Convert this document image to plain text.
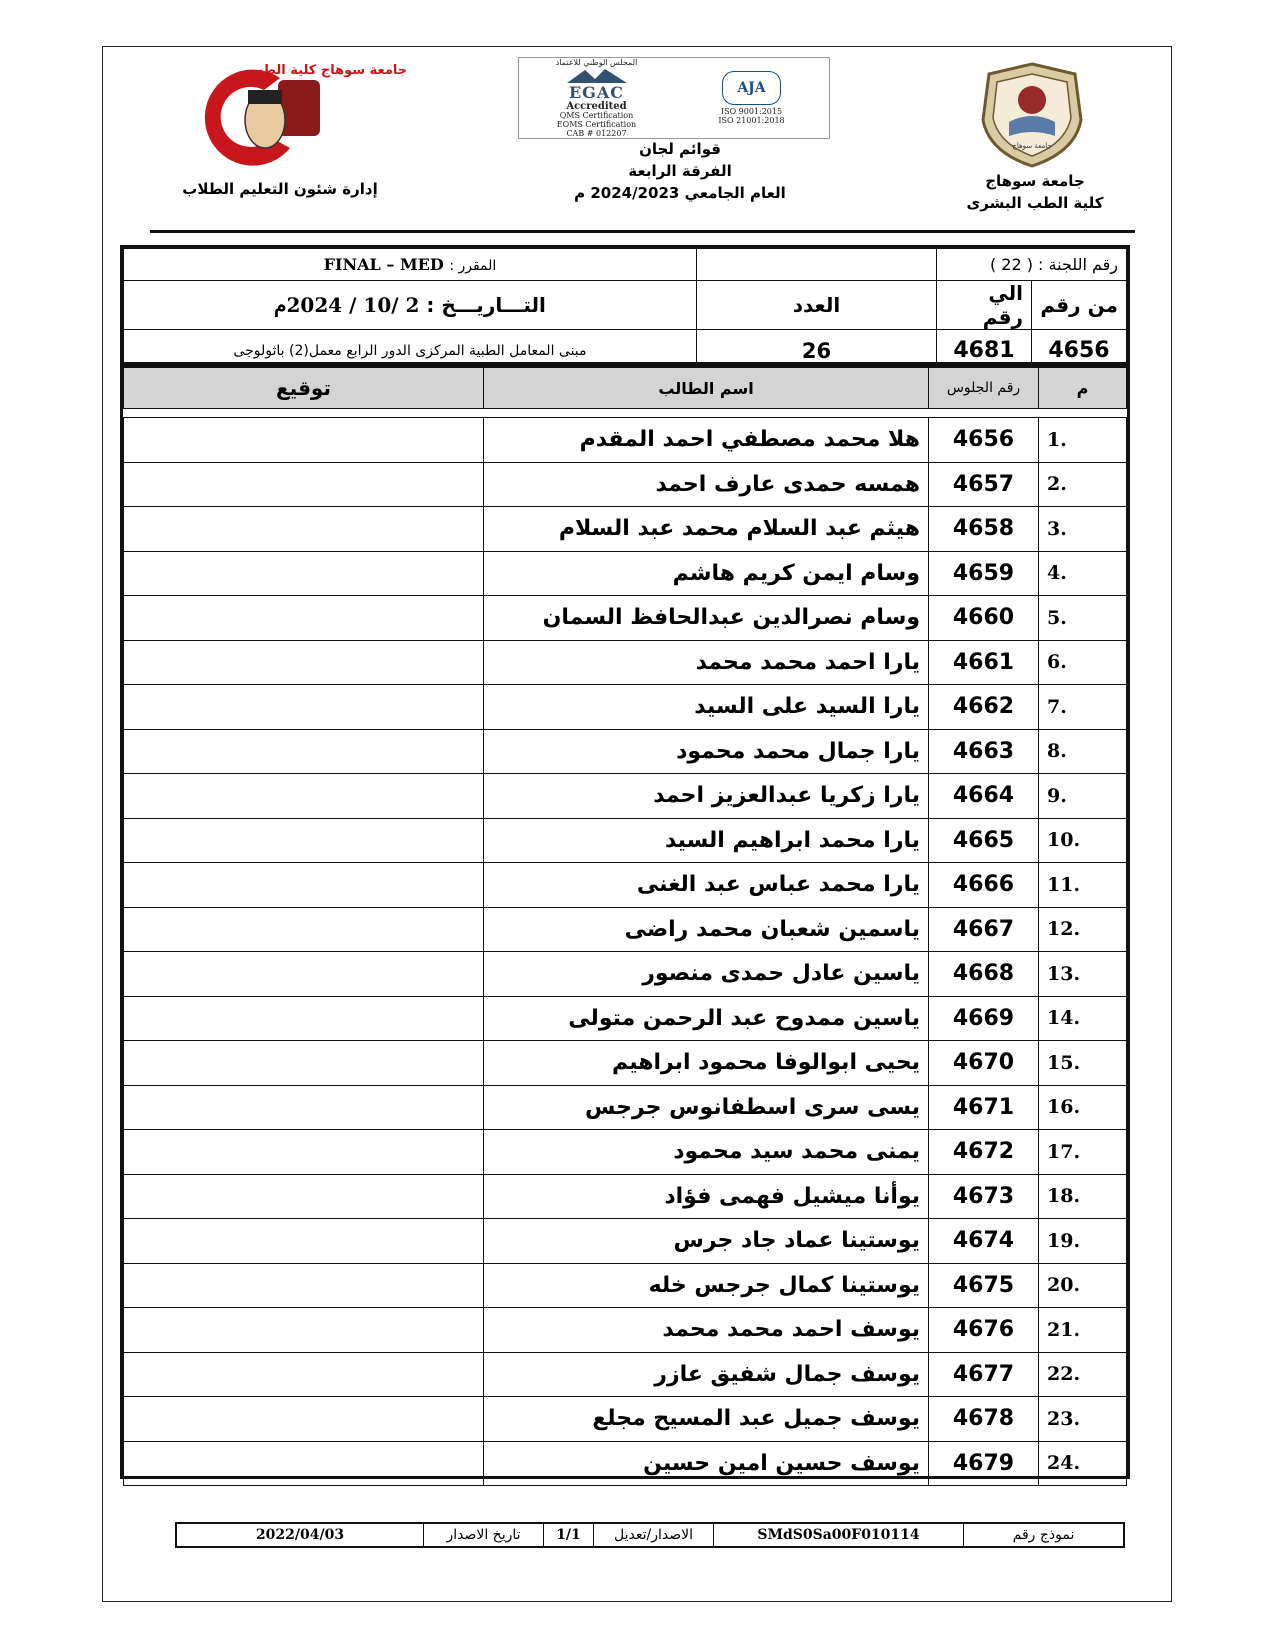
جامعة سوهاج كلية الطب
إدارة شئون التعليم الطلاب
المجلس الوطني للاعتماد
EGAC
Accredited
QMS Certification
EOMS Certification
CAB # 012207
AJA
ISO 9001:2015
ISO 21001:2018
قوائم لجان
الفرقة الرابعة
العام الجامعي 2024/2023 م
جامعة سوهاج
جامعة سوهاج
كلية الطب البشرى
رقم اللجنة : ( 22 )			المقرر : FINAL – MED
من رقم	الي رقم	العدد	التـــاريـــخ : 2 /10 / 2024م
4656	4681	26	مبنى المعامل الطبية المركزى الدور الرابع معمل(2) باثولوجى
م	رقم الجلوس	اسم الطالب	توقيع

1.	4656	هلا محمد مصطفي احمد المقدم	
2.	4657	همسه حمدى عارف احمد	
3.	4658	هيثم عبد السلام محمد عبد السلام	
4.	4659	وسام ايمن كريم هاشم	
5.	4660	وسام نصرالدين عبدالحافظ السمان	
6.	4661	يارا احمد محمد محمد	
7.	4662	يارا السيد على السيد	
8.	4663	يارا جمال محمد محمود	
9.	4664	يارا زكريا عبدالعزيز احمد	
10.	4665	يارا محمد ابراهيم السيد	
11.	4666	يارا محمد عباس عبد الغنى	
12.	4667	ياسمين شعبان محمد راضى	
13.	4668	ياسين عادل حمدى منصور	
14.	4669	ياسين ممدوح عبد الرحمن متولى	
15.	4670	يحيى ابوالوفا محمود ابراهيم	
16.	4671	يسى سرى اسطفانوس جرجس	
17.	4672	يمنى محمد سيد محمود	
18.	4673	يوأنا ميشيل فهمى فؤاد	
19.	4674	يوستينا عماد جاد جرس	
20.	4675	يوستينا كمال جرجس خله	
21.	4676	يوسف احمد محمد محمد	
22.	4677	يوسف جمال شفيق عازر	
23.	4678	يوسف جميل عبد المسيح مجلع	
24.	4679	يوسف حسين امين حسين	
نموذج رقم	SMdS0Sa00F010114	الاصدار/تعديل	1/1	تاريخ الاصدار	2022/04/03
